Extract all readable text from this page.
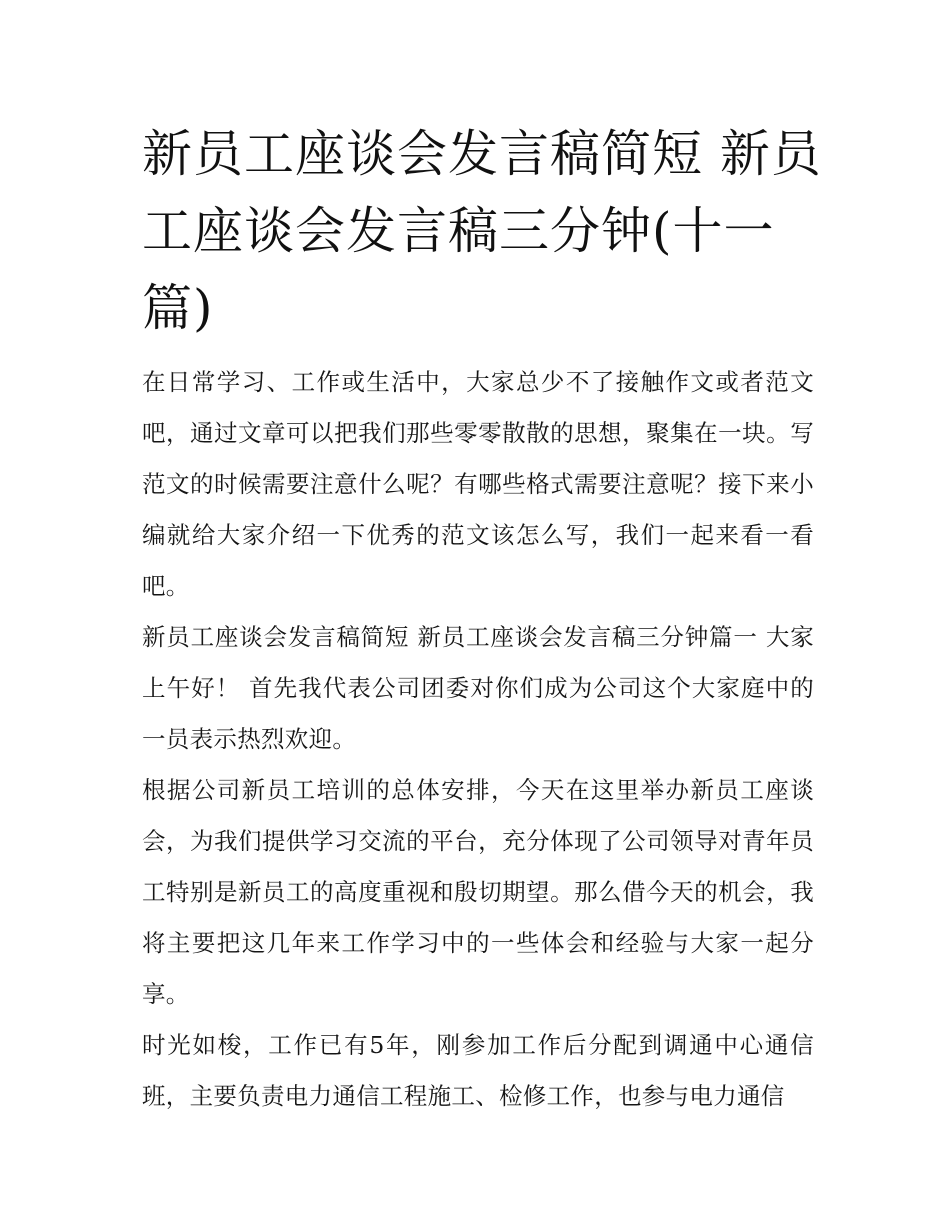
新员工座谈会发言稿简短 新员工座谈会发言稿三分钟(十一篇)

在日常学习、工作或生活中，大家总少不了接触作文或者范文吧，通过文章可以把我们那些零零散散的思想，聚集在一块。写范文的时候需要注意什么呢？有哪些格式需要注意呢？接下来小编就给大家介绍一下优秀的范文该怎么写，我们一起来看一看吧。

新员工座谈会发言稿简短 新员工座谈会发言稿三分钟篇一 大家上午好！ 首先我代表公司团委对你们成为公司这个大家庭中的一员表示热烈欢迎。

根据公司新员工培训的总体安排，今天在这里举办新员工座谈会，为我们提供学习交流的平台，充分体现了公司领导对青年员工特别是新员工的高度重视和殷切期望。那么借今天的机会，我将主要把这几年来工作学习中的一些体会和经验与大家一起分享。

时光如梭，工作已有5年，刚参加工作后分配到调通中心通信班，主要负责电力通信工程施工、检修工作，也参与电力通信
